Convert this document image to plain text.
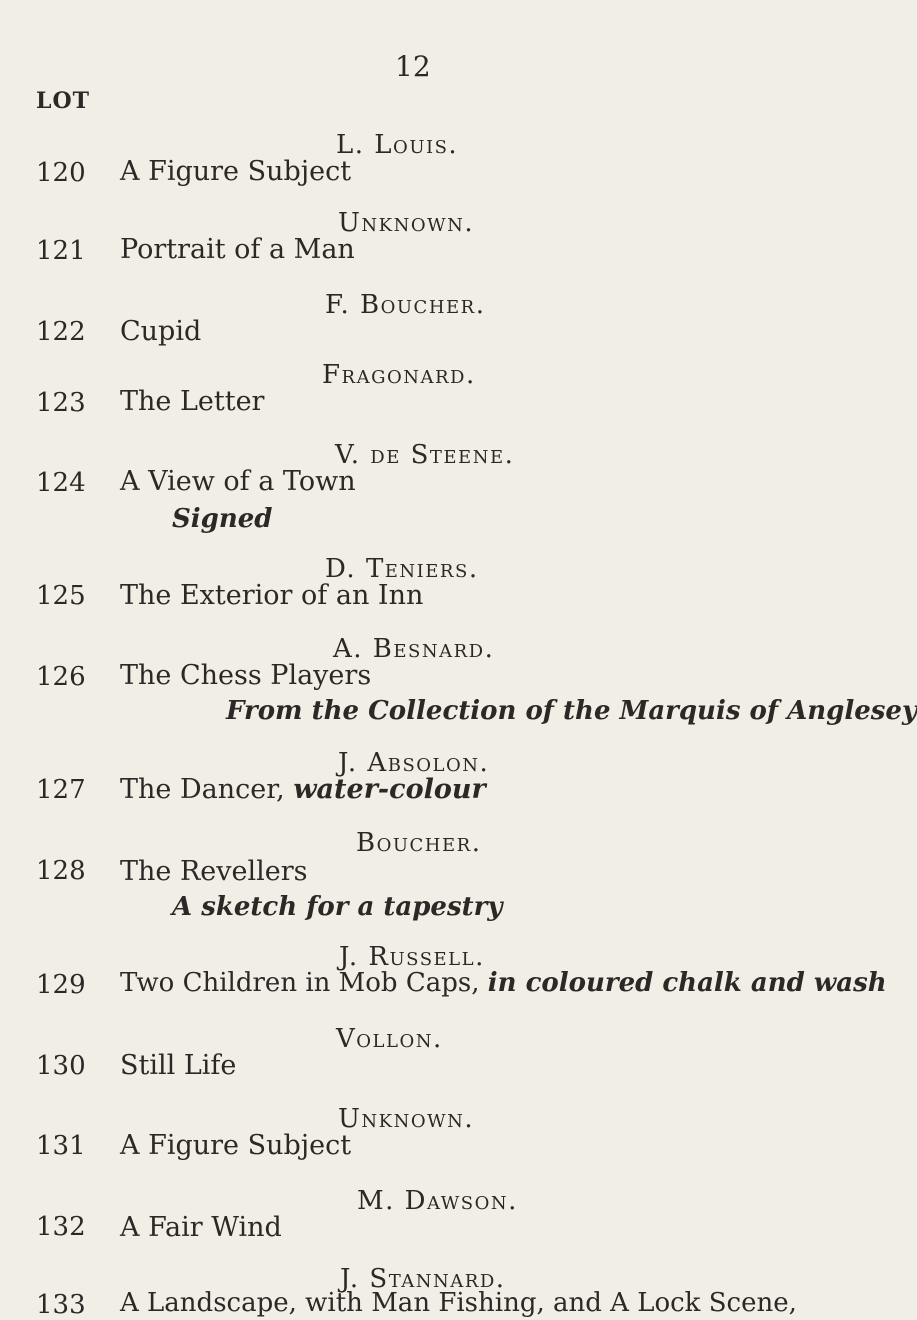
12
LOT
L. Louis.
120 A Figure Subject
Unknown.
121 Portrait of a Man
F. Boucher.
122 Cupid
Fragonard.
123 The Letter
V. de Steene.
124 A View of a Town
Signed
D. Teniers.
125 The Exterior of an Inn
A. Besnard.
126 The Chess Players
From the Collection of the Marquis of Anglesey
J. Absolon.
127 The Dancer, water-colour
Boucher.
128 The Revellers
A sketch for a tapestry
J. Russell.
129 Two Children in Mob Caps, in coloured chalk and wash
Vollon.
130 Still Life
Unknown.
131 A Figure Subject
M. Dawson.
132 A Fair Wind
J. Stannard.
133 A Landscape, with Man Fishing, and A Lock Scene,
